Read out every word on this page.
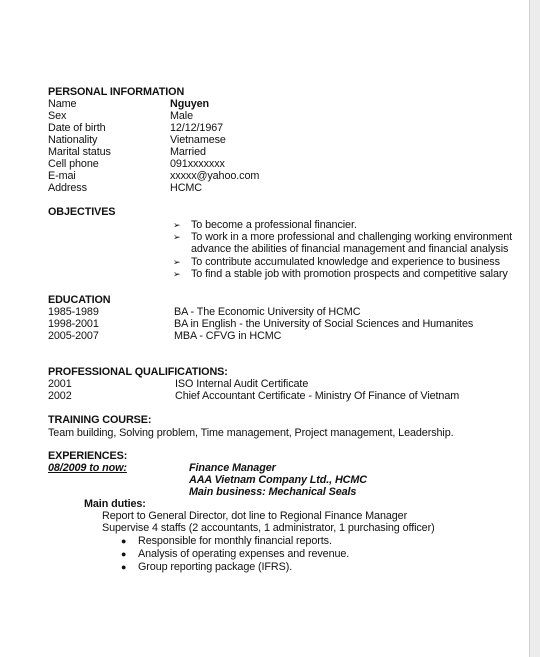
PERSONAL INFORMATION
Name	Nguyen
Sex	Male
Date of birth	12/12/1967
Nationality	Vietnamese
Marital status	Married
Cell phone	091xxxxxxx
E-mai	xxxxx@yahoo.com
Address	HCMC
OBJECTIVES
➢ To become a professional financier.
➢ To work in a more professional and challenging working environment
advance the abilities of financial management and financial analysis
➢ To contribute accumulated knowledge and experience to business
➢ To find a stable job with promotion prospects and competitive salary
EDUCATION
1985-1989	BA - The Economic University of HCMC
1998-2001	BA in English - the University of Social Sciences and Humanites
2005-2007	MBA - CFVG in HCMC
PROFESSIONAL QUALIFICATIONS:
2001	ISO Internal Audit Certificate
2002	Chief Accountant Certificate - Ministry Of Finance of Vietnam
TRAINING COURSE:
Team building, Solving problem, Time management, Project management, Leadership.
EXPERIENCES:
08/2009 to now:	Finance Manager
AAA Vietnam Company Ltd., HCMC
Main business: Mechanical Seals
Main duties:
Report to General Director, dot line to Regional Finance Manager
Supervise 4 staffs (2 accountants, 1 administrator, 1 purchasing officer)
● Responsible for monthly financial reports.
● Analysis of operating expenses and revenue.
● Group reporting package (IFRS).
